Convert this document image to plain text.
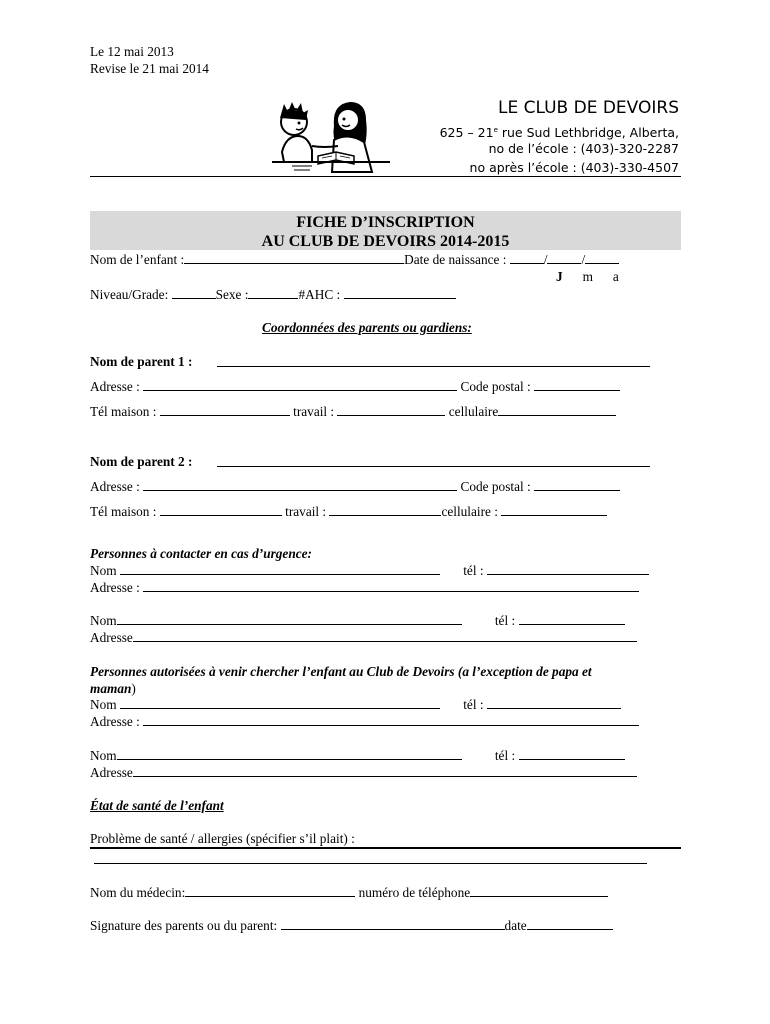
Le 12 mai 2013
Revise le 21 mai 2014
LE CLUB DE DEVOIRS
625 – 21e rue Sud Lethbridge, Alberta,
no de l’école : (403)-320-2287
no après l’école : (403)-330-4507
FICHE D’INSCRIPTION
AU CLUB DE DEVOIRS 2014-2015
Nom de l’enfant :	Date de naissance :	/	/
J      m      a
Niveau/Grade:	Sexe :	#AHC :
Coordonnées des parents ou gardiens:
Nom de parent 1 :
Adresse :	Code postal :
Tél maison :	travail :	cellulaire
Nom de parent 2 :
Adresse :	Code postal :
Tél maison :	travail :	cellulaire :
Personnes à contacter en cas d’urgence:
Nom	tél :
Adresse :
Nom	tél :
Adresse
Personnes autorisées à venir chercher l’enfant au Club de Devoirs (a l’exception de papa et
maman)
Nom	tél :
Adresse :
Nom	tél :
Adresse
État de santé de l’enfant
Problème de santé / allergies (spécifier s’il plait) :
Nom du médecin:	numéro de téléphone
Signature des parents ou du parent:	date
